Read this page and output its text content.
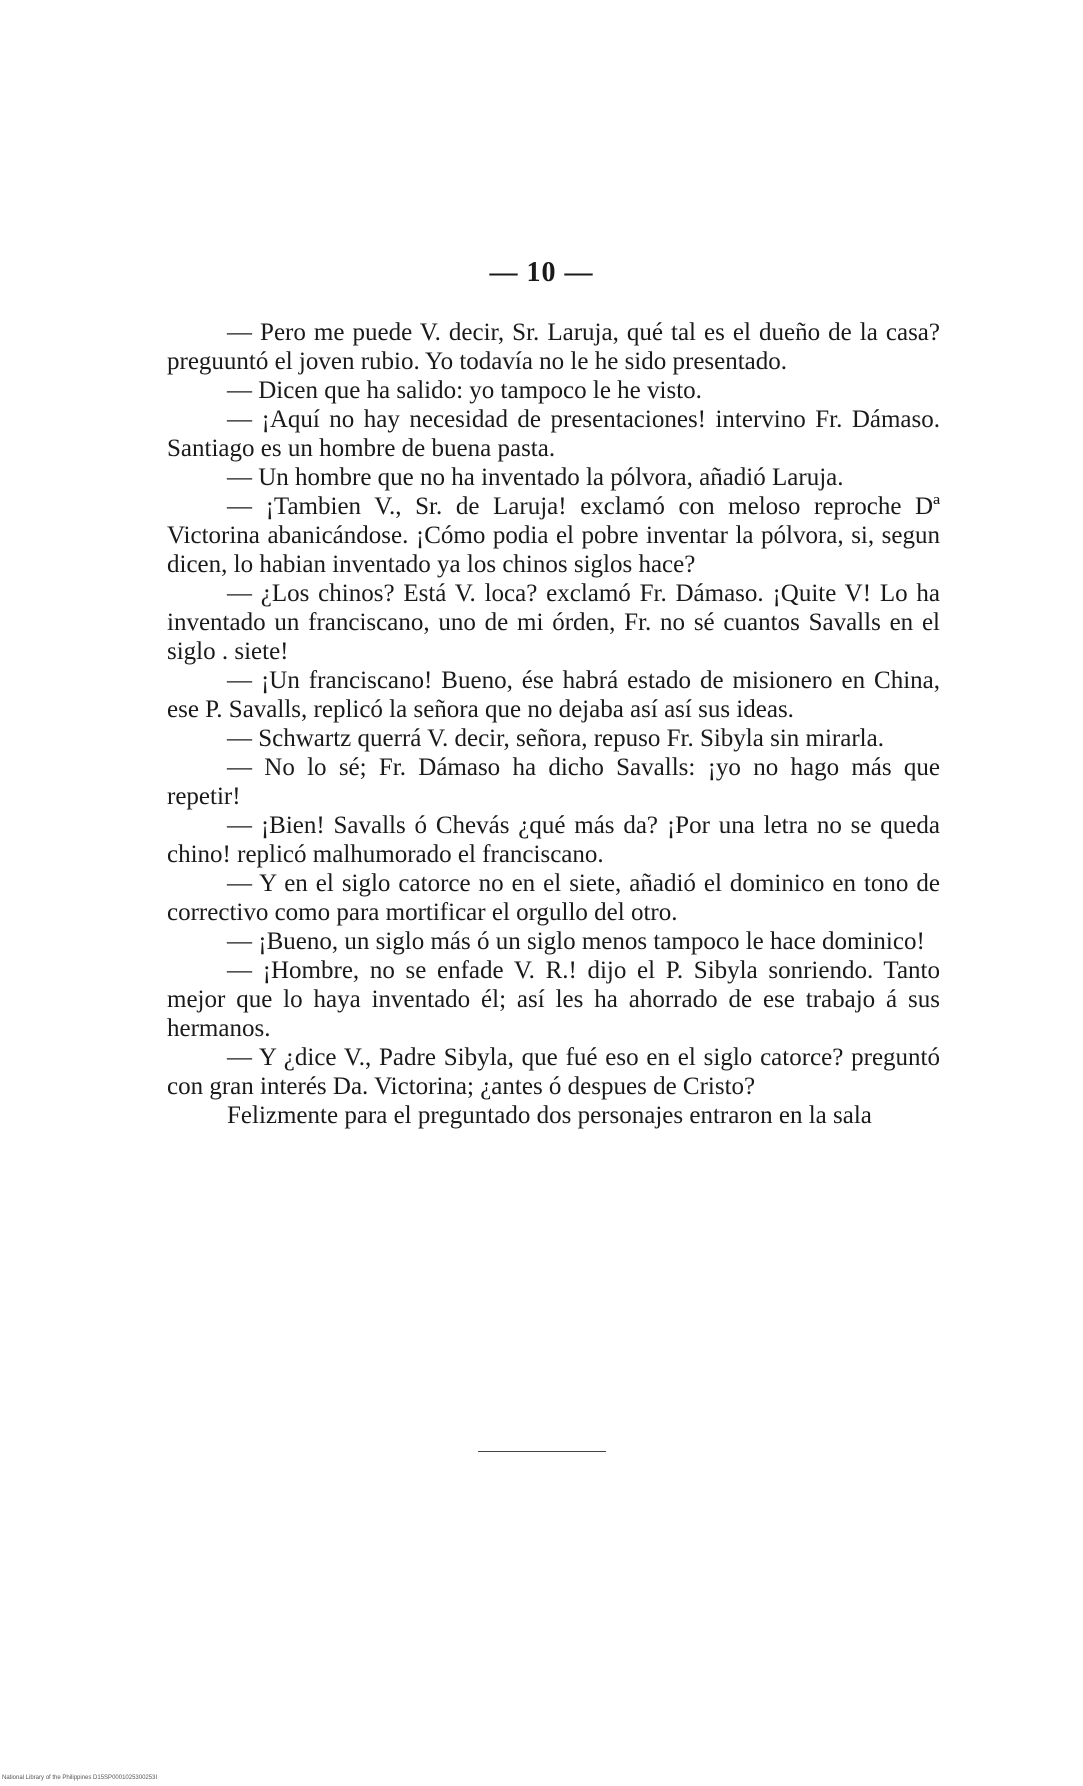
— 10 —

— Pero me puede V. decir, Sr. Laruja, qué tal es el dueño de la casa? preguuntó el joven rubio. Yo todavía no le he sido presentado.

— Dicen que ha salido: yo tampoco le he visto.

— ¡Aquí no hay necesidad de presentaciones! intervino Fr. Dámaso. Santiago es un hombre de buena pasta.

— Un hombre que no ha inventado la pólvora, añadió Laruja.

— ¡Tambien V., Sr. de Laruja! exclamó con meloso reproche Dª Victorina abanicándose. ¡Cómo podia el pobre inventar la pólvora, si, segun dicen, lo habian inventado ya los chinos siglos hace?

— ¿Los chinos? Está V. loca? exclamó Fr. Dámaso. ¡Quite V! Lo ha inventado un franciscano, uno de mi órden, Fr. no sé cuantos Savalls en el siglo . siete!

— ¡Un franciscano! Bueno, ése habrá estado de misionero en China, ese P. Savalls, replicó la señora que no dejaba así así sus ideas.

— Schwartz querrá V. decir, señora, repuso Fr. Sibyla sin mirarla.

— No lo sé; Fr. Dámaso ha dicho Savalls: ¡yo no hago más que repetir!

— ¡Bien! Savalls ó Chevás ¿qué más da? ¡Por una letra no se queda chino! replicó malhumorado el franciscano.

— Y en el siglo catorce no en el siete, añadió el dominico en tono de correctivo como para mortificar el orgullo del otro.

— ¡Bueno, un siglo más ó un siglo menos tampoco le hace dominico!

— ¡Hombre, no se enfade V. R.! dijo el P. Sibyla sonriendo. Tanto mejor que lo haya inventado él; así les ha ahorrado de ese trabajo á sus hermanos.

— Y ¿dice V., Padre Sibyla, que fué eso en el siglo catorce? preguntó con gran interés Da. Victorina; ¿antes ó despues de Cristo?

Felizmente para el preguntado dos personajes entraron en la sala

National Library of the Philippines D15SP0001025300253I
